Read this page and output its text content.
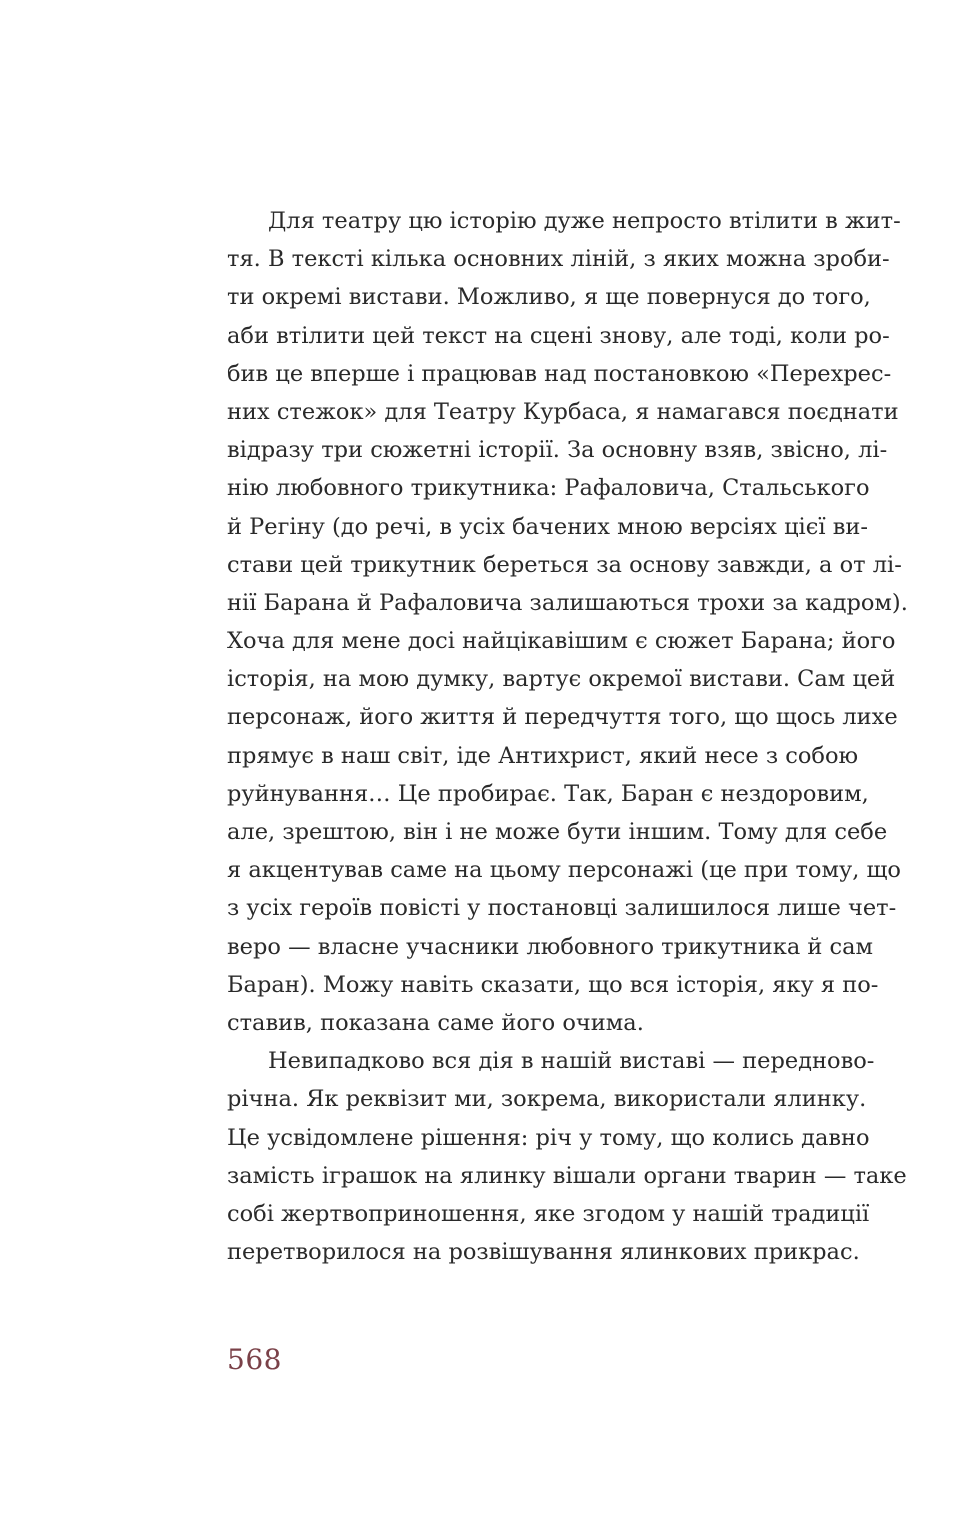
Для театру цю історію дуже непросто втілити в жит-
тя. В тексті кілька основних ліній, з яких можна зроби-
ти окремі вистави. Можливо, я ще повернуся до того,
аби втілити цей текст на сцені знову, але тоді, коли ро-
бив це вперше і працював над постановкою «Перехрес-
них стежок» для Театру Курбаса, я намагався поєднати
відразу три сюжетні історії. За основну взяв, звісно, лі-
нію любовного трикутника: Рафаловича, Стальського
й Регіну (до речі, в усіх бачених мною версіях цієї ви-
стави цей трикутник береться за основу завжди, а от лі-
нії Барана й Рафаловича залишаються трохи за кадром).
Хоча для мене досі найцікавішим є сюжет Барана; його
історія, на мою думку, вартує окремої вистави. Сам цей
персонаж, його життя й передчуття того, що щось лихе
прямує в наш світ, іде Антихрист, який несе з собою
руйнування… Це пробирає. Так, Баран є нездоровим,
але, зрештою, він і не може бути іншим. Тому для себе
я акцентував саме на цьому персонажі (це при тому, що
з усіх героїв повісті у постановці залишилося лише чет-
веро — власне учасники любовного трикутника й сам
Баран). Можу навіть сказати, що вся історія, яку я по-
ставив, показана саме його очима.
Невипадково вся дія в нашій виставі — передново-
річна. Як реквізит ми, зокрема, використали ялинку.
Це усвідомлене рішення: річ у тому, що колись давно
замість іграшок на ялинку вішали органи тварин — таке
собі жертвоприношення, яке згодом у нашій традиції
перетворилося на розвішування ялинкових прикрас.
568
